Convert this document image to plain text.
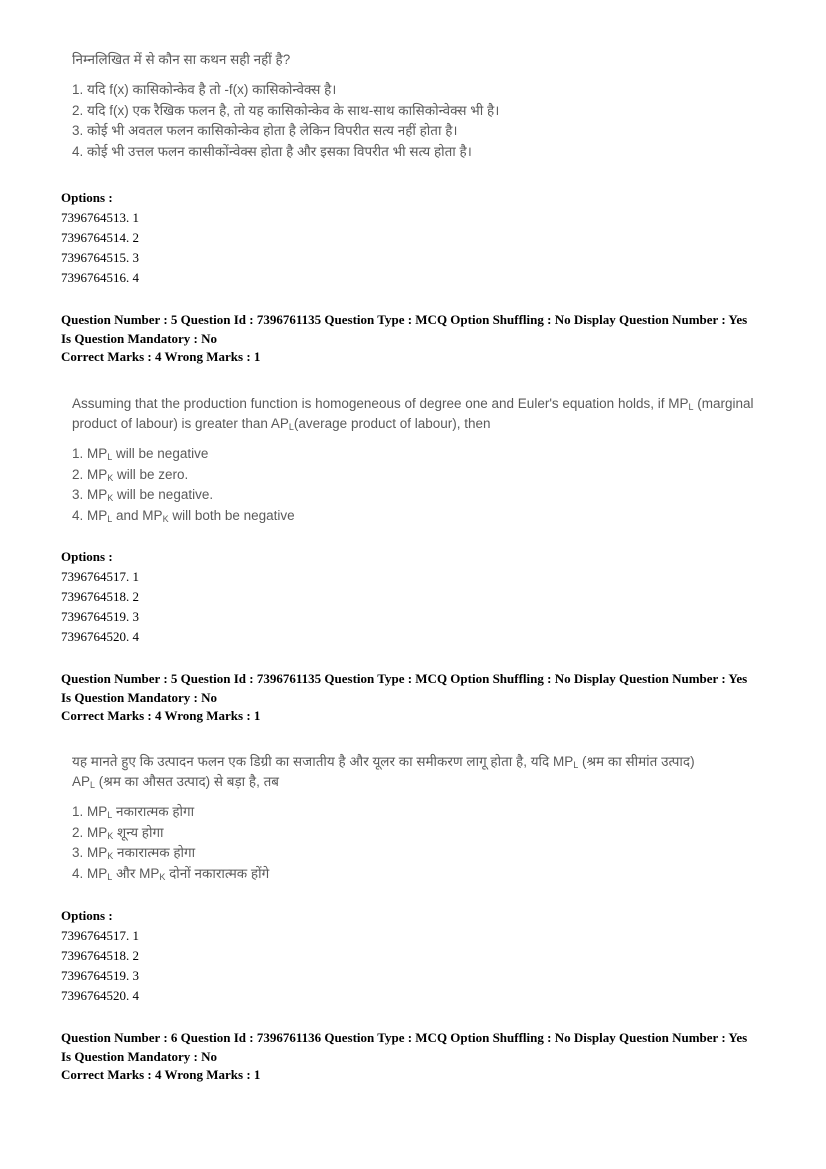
निम्नलिखित में से कौन सा कथन सही नहीं है?
1. यदि f(x) कासिकोन्केव है तो -f(x) कासिकोन्वेक्स है।
2. यदि f(x) एक रैखिक फलन है, तो यह कासिकोन्केव के साथ-साथ कासिकोन्वेक्स भी है।
3. कोई भी अवतल फलन कासिकोन्केव होता है लेकिन विपरीत सत्य नहीं होता है।
4. कोई भी उत्तल फलन कासीकोंन्वेक्स होता है और इसका विपरीत भी सत्य होता है।
Options :
7396764513. 1
7396764514. 2
7396764515. 3
7396764516. 4
Question Number : 5 Question Id : 7396761135 Question Type : MCQ Option Shuffling : No Display Question Number : Yes
Is Question Mandatory : No
Correct Marks : 4 Wrong Marks : 1
Assuming that the production function is homogeneous of degree one and Euler's equation holds, if $MP_L$ (marginal product of labour) is greater than $AP_L(average$ product of labour), then
1. $MP_L$ will be negative
2. $MP_K$ will be zero.
3. $MP_K$ will be negative.
4. $MP_L$ and $MP_K$ will both be negative
Options :
7396764517. 1
7396764518. 2
7396764519. 3
7396764520. 4
Question Number : 5 Question Id : 7396761135 Question Type : MCQ Option Shuffling : No Display Question Number : Yes
Is Question Mandatory : No
Correct Marks : 4 Wrong Marks : 1
यह मानते हुए कि उत्पादन फलन एक डिग्री का सजातीय है और यूलर का समीकरण लागू होता है, यदि $MP_L$ (श्रम का सीमांत उत्पाद)
$AP_L$ (श्रम का औसत उत्पाद) से बड़ा है, तब
1. $MP_L$ नकारात्मक होगा
2. $MP_K$ शून्य होगा
3. $MP_K$ नकारात्मक होगा
4. $MP_L$ और $MP_K$ दोनों नकारात्मक होंगे
Options :
7396764517. 1
7396764518. 2
7396764519. 3
7396764520. 4
Question Number : 6 Question Id : 7396761136 Question Type : MCQ Option Shuffling : No Display Question Number : Yes
Is Question Mandatory : No
Correct Marks : 4 Wrong Marks : 1
